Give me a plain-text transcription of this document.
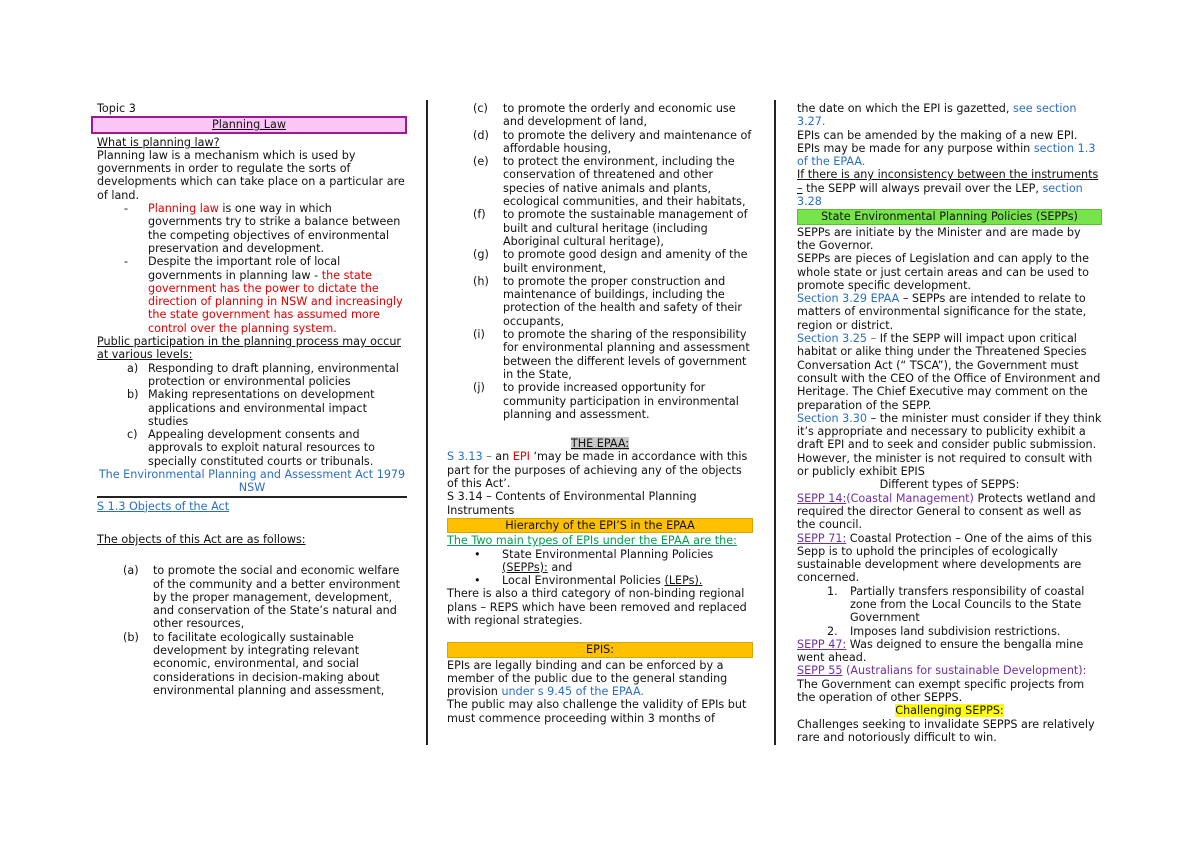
Topic 3

Planning Law

What is planning law?

Planning law is a mechanism which is used by governments in order to regulate the sorts of developments which can take place on a particular are of land.

- Planning law is one way in which governments try to strike a balance between the competing objectives of environmental preservation and development.
- Despite the important role of local governments in planning law - the state government has the power to dictate the direction of planning in NSW and increasingly the state government has assumed more control over the planning system.

Public participation in the planning process may occur at various levels:

a) Responding to draft planning, environmental protection or environmental policies
b) Making representations on development applications and environmental impact studies
c) Appealing development consents and approvals to exploit natural resources to specially constituted courts or tribunals.

The Environmental Planning and Assessment Act 1979 NSW

S 1.3 Objects of the Act

The objects of this Act are as follows:

(a) to promote the social and economic welfare of the community and a better environment by the proper management, development, and conservation of the State’s natural and other resources,
(b) to facilitate ecologically sustainable development by integrating relevant economic, environmental, and social considerations in decision-making about environmental planning and assessment,
(c) to promote the orderly and economic use and development of land,
(d) to promote the delivery and maintenance of affordable housing,
(e) to protect the environment, including the conservation of threatened and other species of native animals and plants, ecological communities, and their habitats,
(f) to promote the sustainable management of built and cultural heritage (including Aboriginal cultural heritage),
(g) to promote good design and amenity of the built environment,
(h) to promote the proper construction and maintenance of buildings, including the protection of the health and safety of their occupants,
(i) to promote the sharing of the responsibility for environmental planning and assessment between the different levels of government in the State,
(j) to provide increased opportunity for community participation in environmental planning and assessment.

THE EPAA:

S 3.13 – an EPI ‘may be made in accordance with this part for the purposes of achieving any of the objects of this Act’.

S 3.14 – Contents of Environmental Planning Instruments

Hierarchy of the EPI’S in the EPAA

The Two main types of EPIs under the EPAA are the:

• State Environmental Planning Policies (SEPPs): and
• Local Environmental Policies (LEPs).

There is also a third category of non-binding regional plans – REPS which have been removed and replaced with regional strategies.

EPIS:

EPIs are legally binding and can be enforced by a member of the public due to the general standing provision under s 9.45 of the EPAA.

The public may also challenge the validity of EPIs but must commence proceeding within 3 months of

the date on which the EPI is gazetted, see section 3.27.

EPIs can be amended by the making of a new EPI.

EPIs may be made for any purpose within section 1.3 of the EPAA.

If there is any inconsistency between the instruments – the SEPP will always prevail over the LEP, section 3.28

State Environmental Planning Policies (SEPPs)

SEPPs are initiate by the Minister and are made by the Governor.

SEPPs are pieces of Legislation and can apply to the whole state or just certain areas and can be used to promote specific development.

Section 3.29 EPAA – SEPPs are intended to relate to matters of environmental significance for the state, region or district.

Section 3.25 – If the SEPP will impact upon critical habitat or alike thing under the Threatened Species Conversation Act (“ TSCA”), the Government must consult with the CEO of the Office of Environment and Heritage. The Chief Executive may comment on the preparation of the SEPP.

Section 3.30 – the minister must consider if they think it’s appropriate and necessary to publicity exhibit a draft EPI and to seek and consider public submission. However, the minister is not required to consult with or publicly exhibit EPIS

Different types of SEPPS:

SEPP 14:(Coastal Management) Protects wetland and required the director General to consent as well as the council.

SEPP 71: Coastal Protection – One of the aims of this Sepp is to uphold the principles of ecologically sustainable development where developments are concerned.

1. Partially transfers responsibility of coastal zone from the Local Councils to the State Government
2. Imposes land subdivision restrictions.

SEPP 47: Was deigned to ensure the bengalla mine went ahead.

SEPP 55 (Australians for sustainable Development): The Government can exempt specific projects from the operation of other SEPPS.

Challenging SEPPS:

Challenges seeking to invalidate SEPPS are relatively rare and notoriously difficult to win.
